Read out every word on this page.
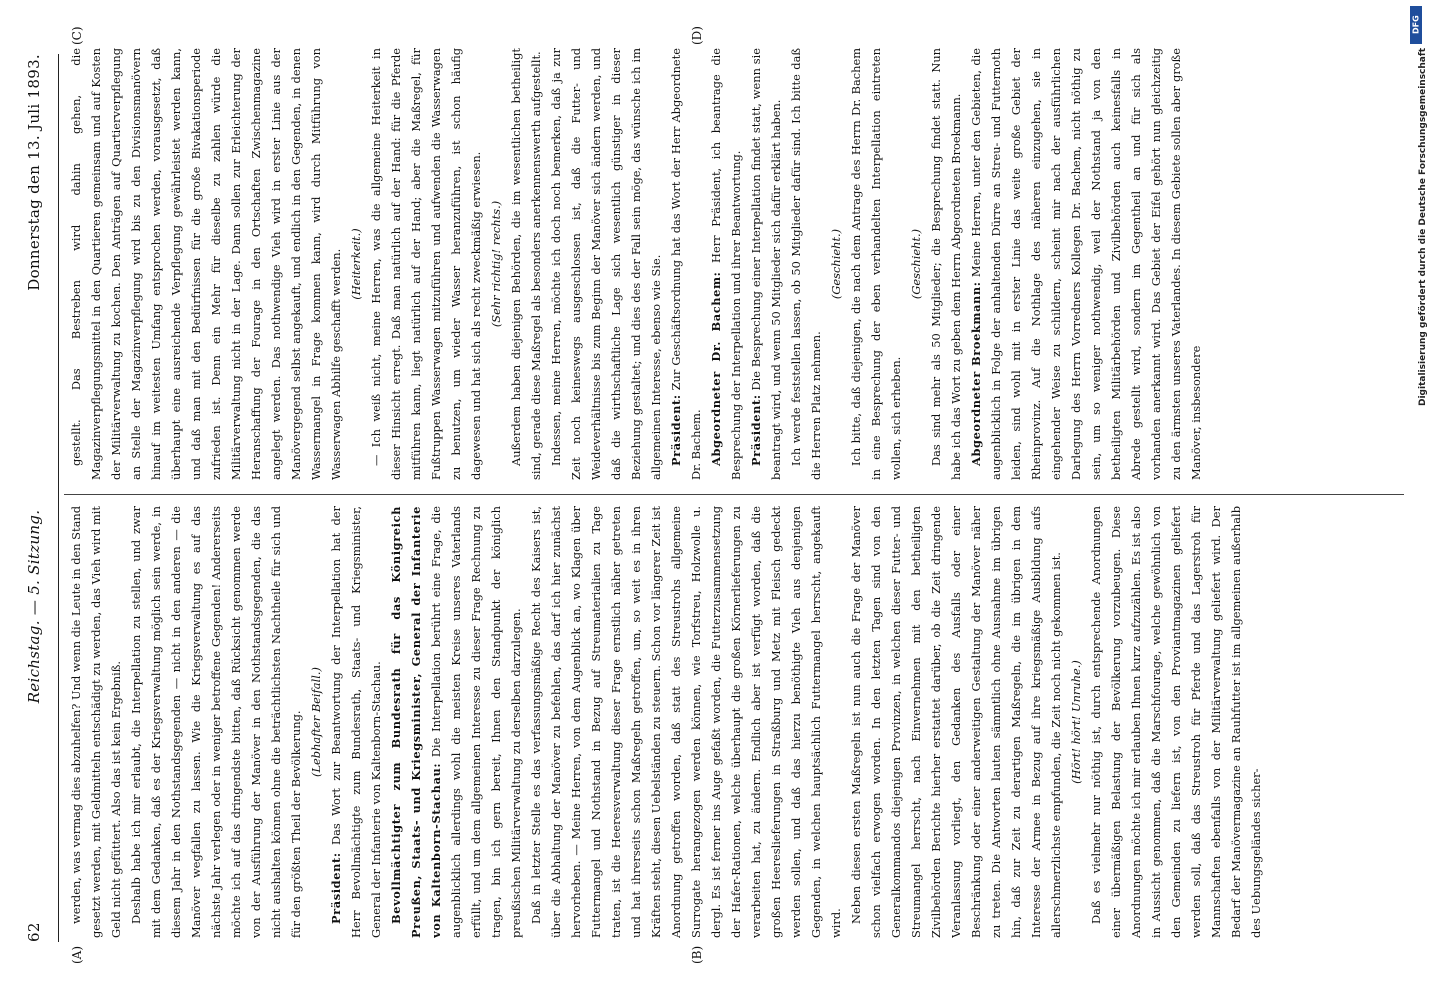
62
Reichstag. — 5. Sitzung.
Donnerstag den 13. Juli 1893.
(A)	(B)
(C)	(D)

werden, was vermag dies abzuhelfen? Und wenn die Leute in den Stand gesetzt werden, mit Geldmitteln entschädigt zu werden, das Vieh wird mit Geld nicht gefüttert. Also das ist kein Ergebniß. Deshalb habe ich mir erlaubt, die Interpellation zu stellen, und zwar mit dem Gedanken, daß es der Kriegsverwaltung möglich sein werde, in diesem Jahr in den Nothstandsgegenden — nicht in den anderen — die Manöver wegfallen zu lassen. Wie die Kriegsverwaltung es auf das nächste Jahr verlegen oder in weniger betroffene Gegenden! Andererseits möchte ich auf das dringendste bitten, daß Rücksicht genommen werde von der Ausführung der Manöver in den Nothstandsgegenden, die das nicht aushalten können ohne die beträchtlichsten Nachtheile für sich und für den größten Theil der Bevölkerung. (Lebhafter Beifall.)

Präsident: Das Wort zur Beantwortung der Interpellation hat der Herr Bevollmächtigte zum Bundesrath, Staats- und Kriegsminister, General der Infanterie von Kaltenborn-Stachau. Bevollmächtigter zum Bundesrath für das Königreich Preußen, Staats- und Kriegsminister, General der Infanterie von Kaltenborn-Stachau: Die Interpellation berührt eine Frage, die augenblicklich allerdings wohl die meisten Kreise unseres Vaterlands erfüllt, und um dem allgemeinen Interesse zu dieser Frage Rechnung zu tragen, bin ich gern bereit, Ihnen den Standpunkt der königlich preußischen Militärverwaltung zu derselben darzulegen. Daß in letzter Stelle es das verfassungsmäßige Recht des Kaisers ist, über die Abhaltung der Manöver zu befehlen, das darf ich hier zunächst hervorheben. — Meine Herren, von dem Augenblick an, wo Klagen über Futtermangel und Nothstand in Bezug auf Streumaterialien zu Tage traten, ist die Heeresverwaltung dieser Frage ernstlich näher getreten und hat ihrerseits schon Maßregeln getroffen, um, so weit es in ihren Kräften steht, diesen Uebelständen zu steuern. Schon vor längerer Zeit ist Anordnung getroffen worden, daß statt des Streustrohs allgemeine Surrogate herangezogen werden können, wie Torfstreu, Holzwolle u. dergl. Es ist ferner ins Auge gefaßt worden, die Futterzusammensetzung der Hafer-Rationen, welche überhaupt die großen Körnerlieferungen zu verarbeiten hat, zu ändern. Endlich aber ist verfügt worden, daß die großen Heereslieferungen in Straßburg und Metz mit Fleisch gedeckt werden sollen, und daß das hierzu benöthigte Vieh aus denjenigen Gegenden, in welchen hauptsächlich Futtermangel herrscht, angekauft wird. Neben diesen ersten Maßregeln ist nun auch die Frage der Manöver schon vielfach erwogen worden. In den letzten Tagen sind von den Generalkommandos diejenigen Provinzen, in welchen dieser Futter- und Streumangel herrscht, nach Einvernehmen mit den betheiligten Zivilbehörden Berichte hierher erstattet darüber, ob die Zeit dringende Veranlassung vorliegt, den Gedanken des Ausfalls oder einer Beschränkung oder einer anderweitigen Gestaltung der Manöver näher zu treten. Die Antworten lauten sämmtlich ohne Ausnahme im übrigen hin, daß zur Zeit zu derartigen Maßregeln, die im übrigen in dem Interesse der Armee in Bezug auf ihre kriegsmäßige Ausbildung aufs allerschmerzlichste empfunden, die Zeit noch nicht gekommen ist. (Hört! hört! Unruhe.) Daß es vielmehr nur nöthig ist, durch entsprechende Anordnungen einer übermäßigen Belastung der Bevölkerung vorzubeugen. Diese Anordnungen möchte ich mir erlauben Ihnen kurz aufzuzählen. Es ist also in Aussicht genommen, daß die Marschfourage, welche gewöhnlich von den Gemeinden zu liefern ist, von den Proviantmagazinen geliefert werden soll, daß das Streustroh für Pferde und das Lagerstroh für Mannschaften ebenfalls von der Militärverwaltung geliefert wird. Der Bedarf der Manövermagazine an Rauhfutter ist im allgemeinen außerhalb des Uebungsgeländes sicher-

gestellt. Das Bestreben wird dahin gehen, die Magazinverpflegungsmittel in den Quartieren gemeinsam und auf Kosten der Militärverwaltung zu kochen. Den Anträgen auf Quartierverpflegung an Stelle der Magazinverpflegung wird bis zu den Divisionsmanövern hinauf im weitesten Umfang entsprochen werden, vorausgesetzt, daß überhaupt eine ausreichende Verpflegung gewährleistet werden kann, und daß man mit den Bedürfnissen für die große Bivakationsperiode zufrieden ist. Denn ein Mehr für dieselbe zu zahlen würde die Militärverwaltung nicht in der Lage. Dann sollen zur Erleichterung der Heranschaffung der Fourage in den Ortschaften Zwischenmagazine angelegt werden. Das nothwendige Vieh wird in erster Linie aus der Manövergegend selbst angekauft, und endlich in den Gegenden, in denen Wassermangel in Frage kommen kann, wird durch Mitführung von Wasserwagen Abhilfe geschafft werden. (Heiterkeit.) — Ich weiß nicht, meine Herren, was die allgemeine Heiterkeit in dieser Hinsicht erregt. Daß man natürlich auf der Hand: für die Pferde mitführen kann, liegt natürlich auf der Hand; aber die Maßregel, für Fußtruppen Wasserwagen mitzuführen und aufwenden die Wasserwagen zu benutzen, um wieder Wasser heranzuführen, ist schon häufig dagewesen und hat sich als recht zweckmäßig erwiesen. (Sehr richtig! rechts.) Außerdem haben diejenigen Behörden, die im wesentlichen betheiligt sind, gerade diese Maßregel als besonders anerkennenswerth aufgestellt. Indessen, meine Herren, möchte ich doch noch bemerken, daß ja zur Zeit noch keineswegs ausgeschlossen ist, daß die Futter- und Weideverhältnisse bis zum Beginn der Manöver sich ändern werden, und daß die wirthschaftliche Lage sich wesentlich günstiger in dieser Beziehung gestaltet; und dies des der Fall sein möge, das wünsche ich im allgemeinen Interesse, ebenso wie Sie. Präsident: Zur Geschäftsordnung hat das Wort der Herr Abgeordnete Dr. Bachem. Abgeordneter Dr. Bachem: Herr Präsident, ich beantrage die Besprechung der Interpellation und ihrer Beantwortung. Präsident: Die Besprechung einer Interpellation findet statt, wenn sie beantragt wird, und wenn 50 Mitglieder sich dafür erklärt haben. Ich werde feststellen lassen, ob 50 Mitglieder dafür sind. Ich bitte daß die Herren Platz nehmen.

(Geschieht.) Ich bitte, daß diejenigen, die nach dem Antrage des Herrn Dr. Bachem in eine Besprechung der eben verhandelten Interpellation eintreten wollen, sich erheben.

(Geschieht.) Das sind mehr als 50 Mitglieder; die Besprechung findet statt. Nun habe ich das Wort zu geben dem Herrn Abgeordneten Broekmann. Abgeordneter Broekmann: Meine Herren, unter den Gebieten, die augenblicklich in Folge der anhaltenden Dürre an Streu- und Futternoth leiden, sind wohl mit in erster Linie das weite große Gebiet der Rheinprovinz. Auf die Nothlage des näheren einzugehen, sie in eingehender Weise zu schildern, scheint mir nach der ausführlichen Darlegung des Herrn Vorredners Kollegen Dr. Bachem, nicht nöthig zu sein, um so weniger nothwendig, weil der Nothstand ja von den betheiligten Militärbehörden und Zivilbehörden auch keinesfalls in Abrede gestellt wird, sondern im Gegentheil an und für sich als vorhanden anerkannt wird. Das Gebiet der Eifel gehört nun gleichzeitig zu den ärmsten unseres Vaterlandes. In diesem Gebiete sollen aber große Manöver, insbesondere

DFG
Digitalisierung gefördert durch die Deutsche Forschungsgemeinschaft
